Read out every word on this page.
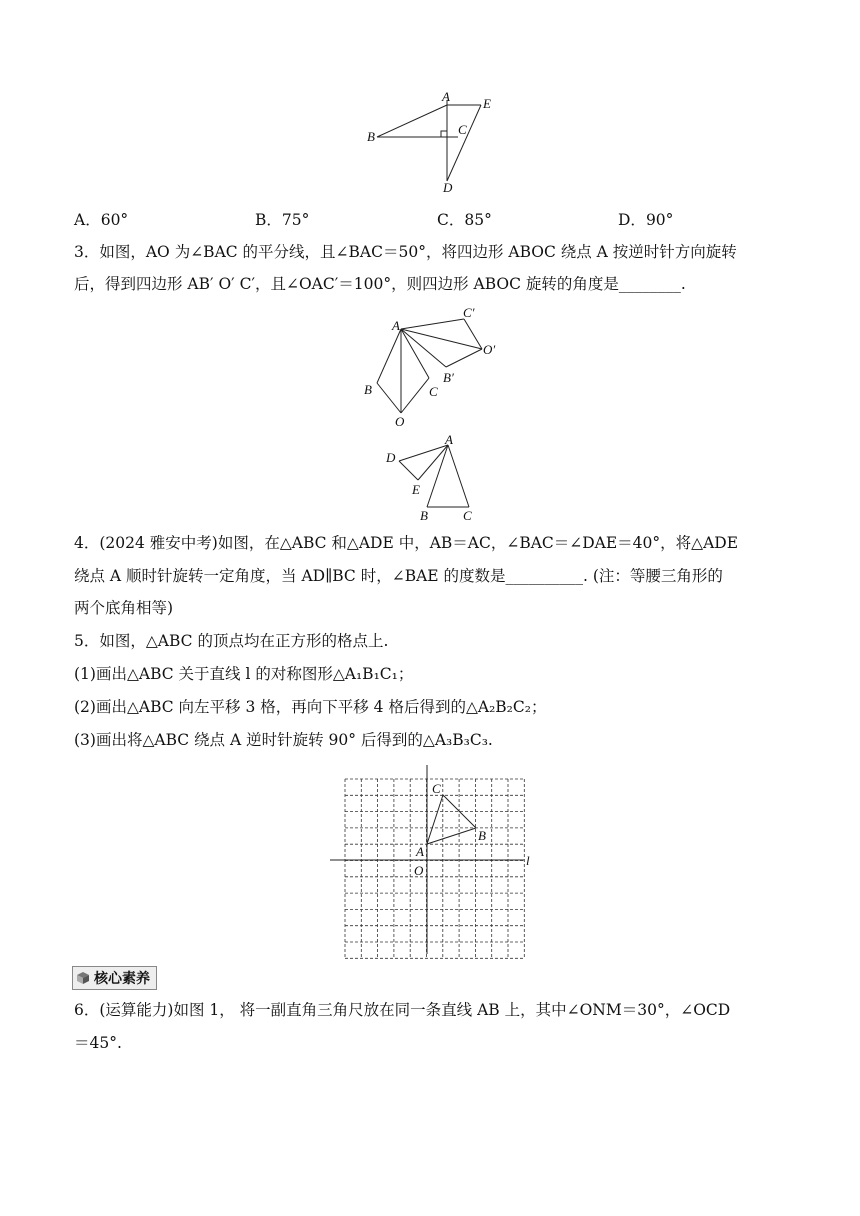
A
B	C
D
E
A．60°	B．75°	C．85°	D．90°
3．如图，AO 为∠BAC 的平分线，且∠BAC＝50°，将四边形 ABOC 绕点 A 按逆时针方向旋转
后，得到四边形 AB′ O′ C′，且∠OAC′＝100°，则四边形 ABOC 旋转的角度是________.
A
B	C
O
C′
O′
B′
A
D
E
B	C
4．(2024 雅安中考)如图，在△ABC 和△ADE 中，AB＝AC，∠BAC＝∠DAE＝40°，将△ADE
绕点 A 顺时针旋转一定角度，当 AD∥BC 时，∠BAE 的度数是__________. (注：等腰三角形的
两个底角相等)
5．如图，△ABC 的顶点均在正方形的格点上.
(1)画出△ABC 关于直线 l 的对称图形△A₁B₁C₁；
(2)画出△ABC 向左平移 3 格，再向下平移 4 格后得到的△A₂B₂C₂；
(3)画出将△ABC 绕点 A 逆时针旋转 90° 后得到的△A₃B₃C₃.
A
C
B
O
l
核心素养
6．(运算能力)如图 1， 将一副直角三角尺放在同一条直线 AB 上，其中∠ONM＝30°，∠OCD
＝45°.
